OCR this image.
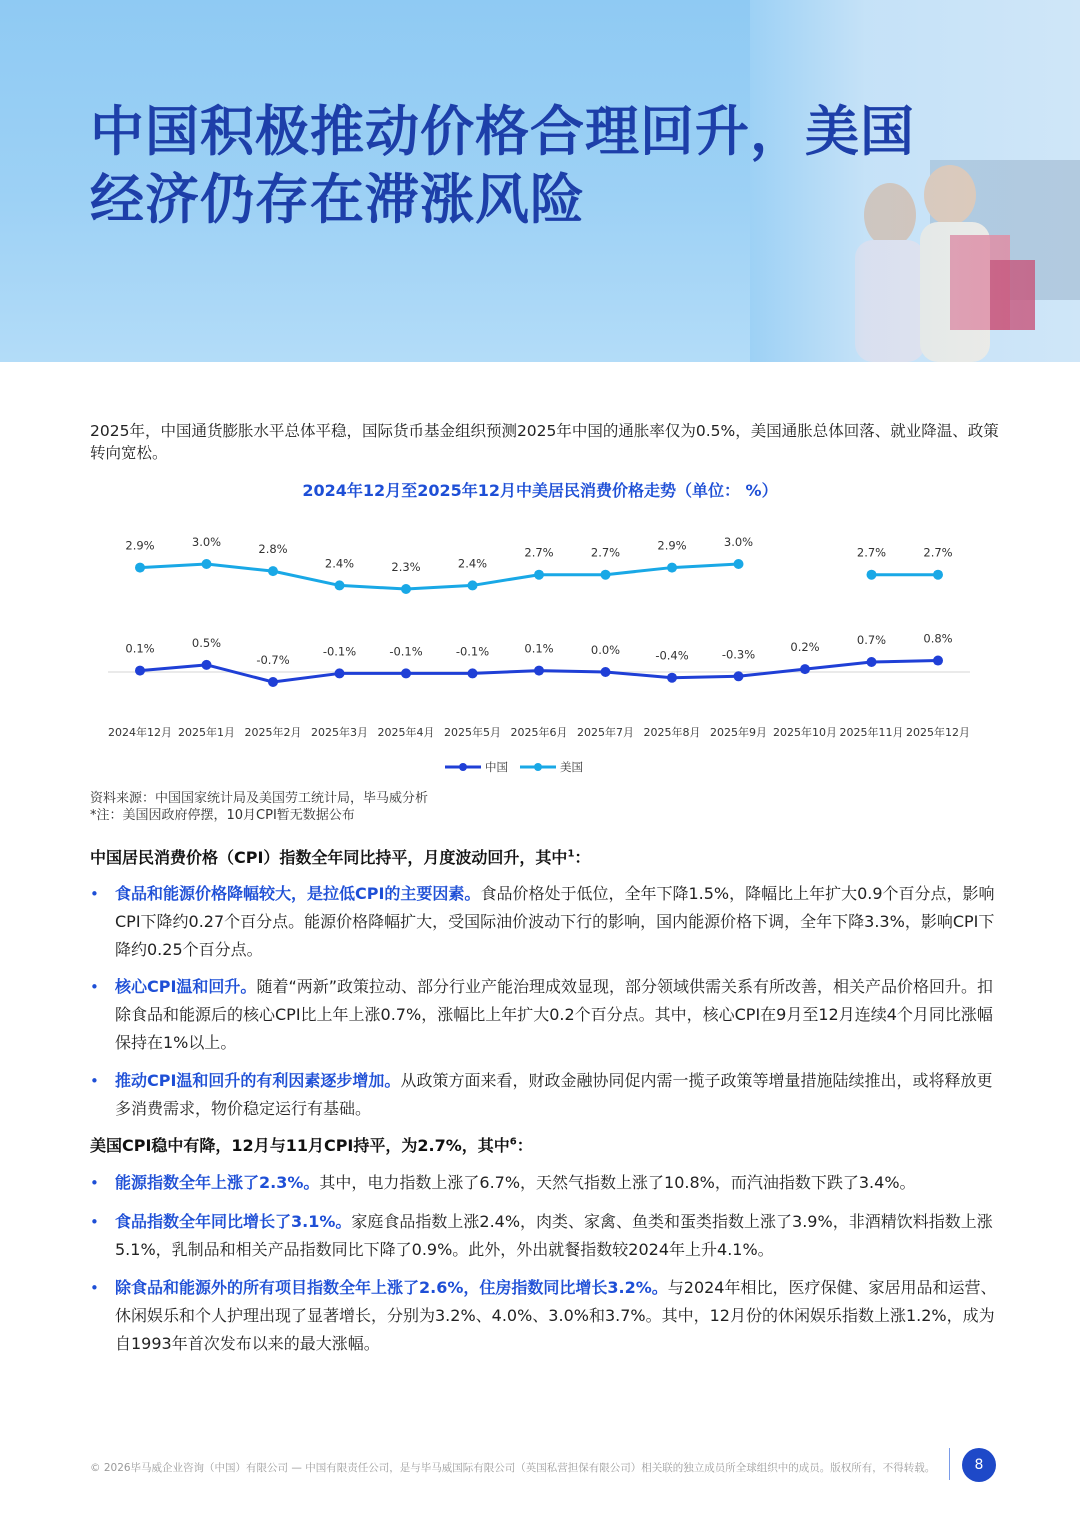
中国积极推动价格合理回升，美国
经济仍存在滞涨风险

2025年，中国通货膨胀水平总体平稳，国际货币基金组织预测2025年中国的通胀率仅为0.5%，美国通胀总体回落、就业降温、政策转向宽松。

2024年12月至2025年12月中美居民消费价格走势（单位： %）
0.1%	0.5%
-0.7%
-0.1%	-0.1%	-0.1%	0.1%	0.0%	-0.4%	-0.3%
0.2%
0.7%	0.8%
2.9%	3.0%
2.8%
2.4%	2.3%	2.4%
2.7%	2.7%
2.9%	3.0%
2.7%	2.7%
2024年12月 2025年1月 2025年2月 2025年3月 2025年4月 2025年5月 2025年6月 2025年7月 2025年8月 2025年9月 2025年10月 2025年11月 2025年12月
中国	美国
资料来源：中国国家统计局及美国劳工统计局，毕马威分析
*注：美国因政府停摆，10月CPI暂无数据公布
中国居民消费价格（CPI）指数全年同比持平，月度波动回升，其中$^1$：
• 食品和能源价格降幅较大，是拉低CPI的主要因素。食品价格处于低位，全年下降1.5%，降幅比上年扩大0.9个百分点，影响CPI下降约0.27个百分点。能源价格降幅扩大，受国际油价波动下行的影响，国内能源价格下调，全年下降3.3%，影响CPI下降约0.25个百分点。

• 核心CPI温和回升。随着“两新”政策拉动、部分行业产能治理成效显现，部分领域供需关系有所改善，相关产品价格回升。扣除食品和能源后的核心CPI比上年上涨0.7%，涨幅比上年扩大0.2个百分点。其中，核心CPI在9月至12月连续4个月同比涨幅保持在1%以上。

• 推动CPI温和回升的有利因素逐步增加。从政策方面来看，财政金融协同促内需一揽子政策等增量措施陆续推出，或将释放更多消费需求，物价稳定运行有基础。

美国CPI稳中有降，12月与11月CPI持平，为2.7%，其中$^6$：
• 能源指数全年上涨了2.3%。其中，电力指数上涨了6.7%，天然气指数上涨了10.8%，而汽油指数下跌了3.4%。

• 食品指数全年同比增长了3.1%。家庭食品指数上涨2.4%，肉类、家禽、鱼类和蛋类指数上涨了3.9%，非酒精饮料指数上涨5.1%，乳制品和相关产品指数同比下降了0.9%。此外，外出就餐指数较2024年上升4.1%。

• 除食品和能源外的所有项目指数全年上涨了2.6%，住房指数同比增长3.2%。与2024年相比，医疗保健、家居用品和运营、休闲娱乐和个人护理出现了显著增长，分别为3.2%、4.0%、3.0%和3.7%。其中，12月份的休闲娱乐指数上涨1.2%，成为自1993年首次发布以来的最大涨幅。

© 2026毕马威企业咨询（中国）有限公司 — 中国有限责任公司，是与毕马威国际有限公司（英国私营担保有限公司）相关联的独立成员所全球组织中的成员。版权所有，不得转载。	8
